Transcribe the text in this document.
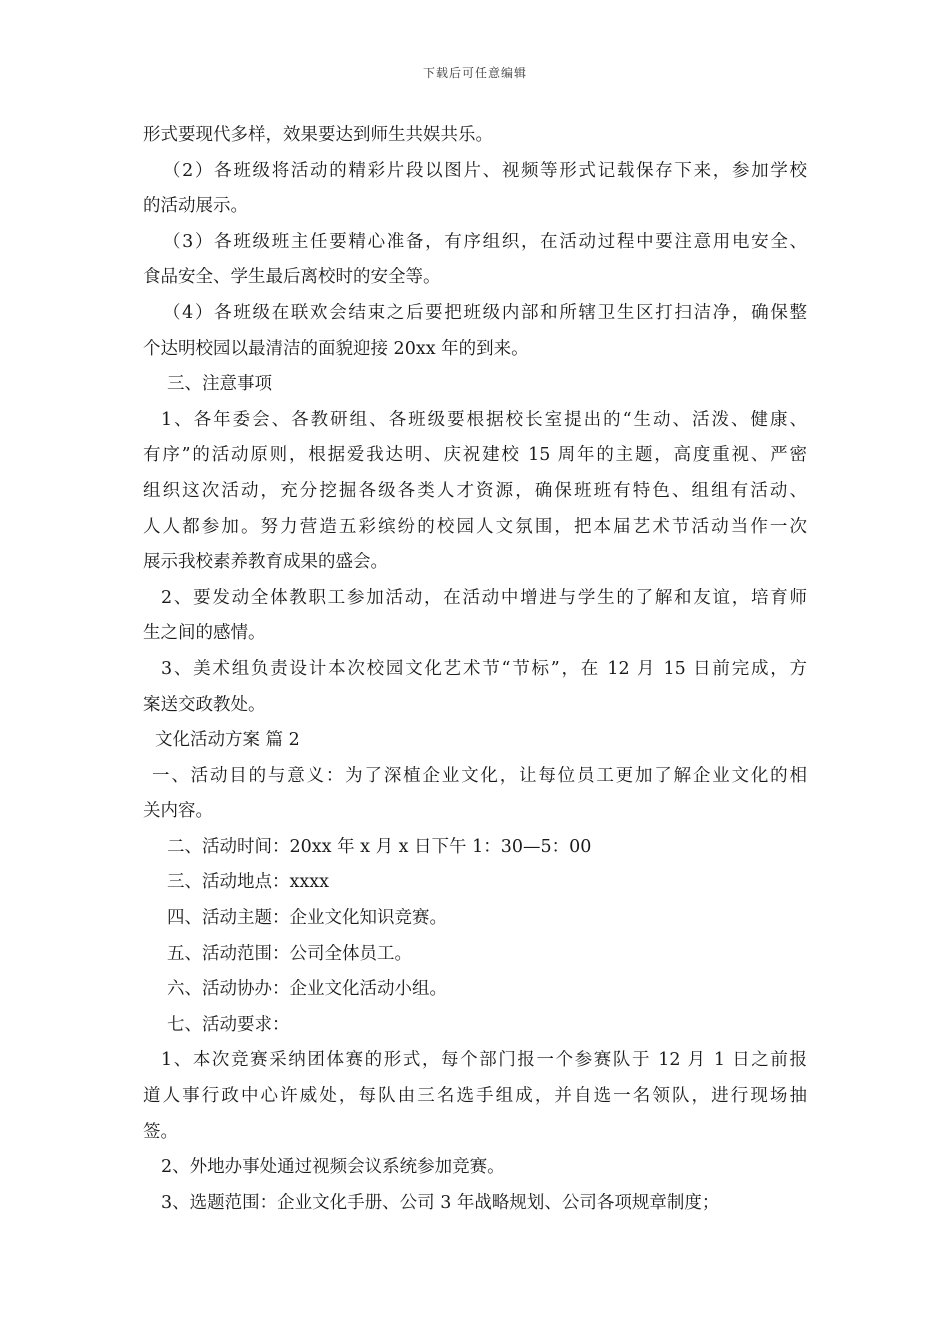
下载后可任意编辑
形式要现代多样，效果要达到师生共娱共乐。
（2）各班级将活动的精彩片段以图片、视频等形式记载保存下来，参加学校
的活动展示。
（3）各班级班主任要精心准备，有序组织，在活动过程中要注意用电安全、
食品安全、学生最后离校时的安全等。
（4）各班级在联欢会结束之后要把班级内部和所辖卫生区打扫洁净，确保整
个达明校园以最清洁的面貌迎接 20xx 年的到来。
三、注意事项
1、各年委会、各教研组、各班级要根据校长室提出的“生动、活泼、健康、
有序”的活动原则，根据爱我达明、庆祝建校 15 周年的主题，高度重视、严密
组织这次活动，充分挖掘各级各类人才资源，确保班班有特色、组组有活动、
人人都参加。努力营造五彩缤纷的校园人文氛围，把本届艺术节活动当作一次
展示我校素养教育成果的盛会。
2、要发动全体教职工参加活动，在活动中增进与学生的了解和友谊，培育师
生之间的感情。
3、美术组负责设计本次校园文化艺术节“节标”，在 12 月 15 日前完成，方
案送交政教处。
文化活动方案 篇 2
一、活动目的与意义：为了深植企业文化，让每位员工更加了解企业文化的相
关内容。
二、活动时间：20xx 年 x 月 x 日下午 1：30—5：00
三、活动地点：xxxx
四、活动主题：企业文化知识竞赛。
五、活动范围：公司全体员工。
六、活动协办：企业文化活动小组。
七、活动要求：
1、本次竞赛采纳团体赛的形式，每个部门报一个参赛队于 12 月 1 日之前报
道人事行政中心许威处，每队由三名选手组成，并自选一名领队，进行现场抽
签。
2、外地办事处通过视频会议系统参加竞赛。
3、选题范围：企业文化手册、公司 3 年战略规划、公司各项规章制度；
